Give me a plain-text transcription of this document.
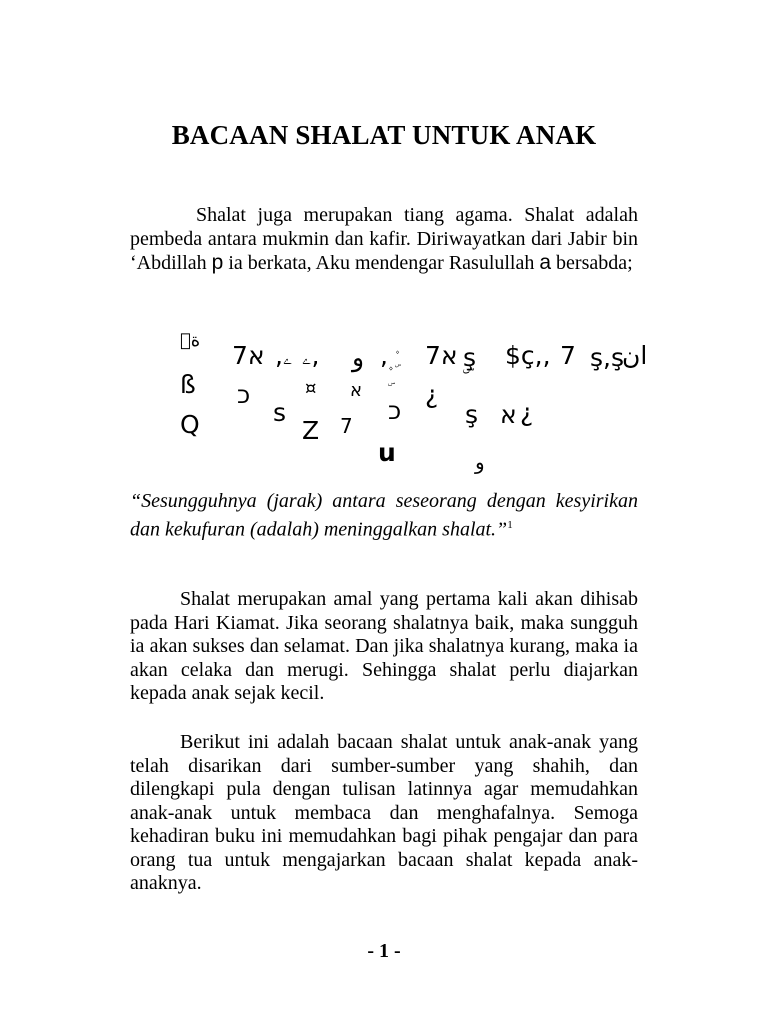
BACAAN SHALAT UNTUK ANAK

Shalat juga merupakan tiang agama. Shalat adalah pembeda antara mukmin dan kafir. Diriwayatkan dari Jabir bin ‘Abdillah p ia berkata, Aku mendengar Rasulullah a bersabda;

ة۫
7א ,ۦ ۦ, و , 7א ۣş $ç,, 7 ş,ş
ان
ß כ	¤ א
כ
¿
ş א ¿
Q	s
Z 7
u	و

“Sesungguhnya (jarak) antara seseorang dengan kesyirikan dan kekufuran (adalah) meninggalkan shalat.”$^1$

Shalat merupakan amal yang pertama kali akan dihisab pada Hari Kiamat. Jika seorang shalatnya baik, maka sungguh ia akan sukses dan selamat. Dan jika shalatnya kurang, maka ia akan celaka dan merugi. Sehingga shalat perlu diajarkan kepada anak sejak kecil.

Berikut ini adalah bacaan shalat untuk anak-anak yang telah disarikan dari sumber-sumber yang shahih, dan dilengkapi pula dengan tulisan latinnya agar memudahkan anak-anak untuk membaca dan menghafalnya. Semoga kehadiran buku ini memudahkan bagi pihak pengajar dan para orang tua untuk mengajarkan bacaan shalat kepada anak-anaknya.

- 1 -
